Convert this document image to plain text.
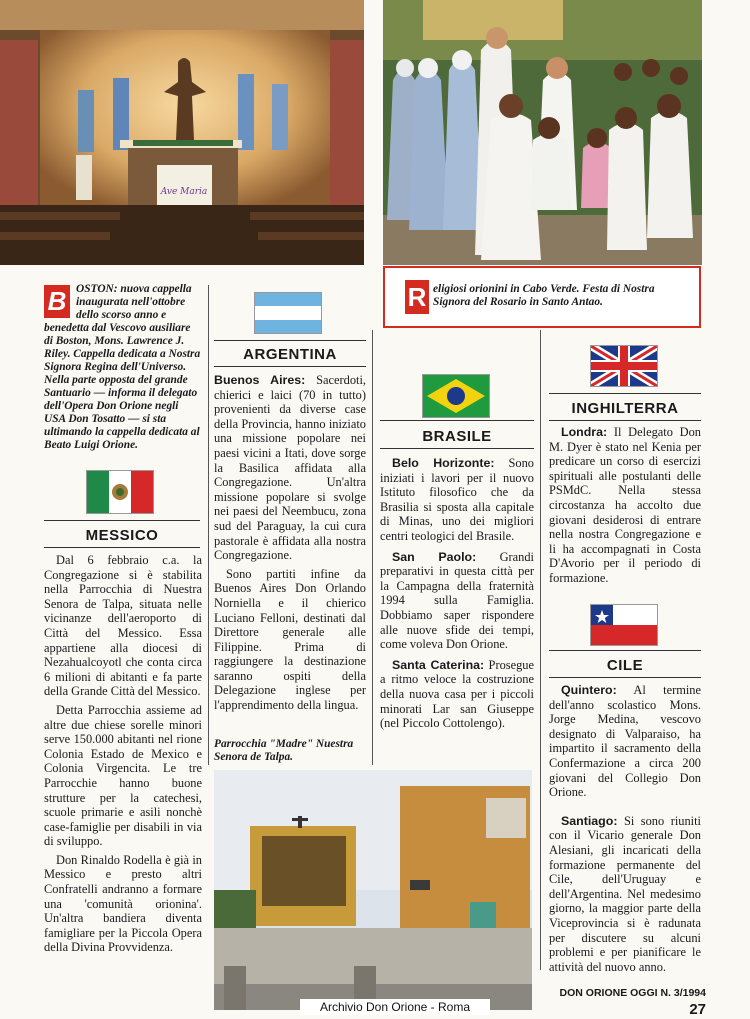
Ave Maria
B OSTON: nuova cappella inaugurata nell'ottobre dello scorso anno e benedetta dal Vescovo ausiliare di Boston, Mons. Lawrence J. Riley. Cappella dedicata a Nostra Signora Regina dell'Universo. Nella parte opposta del grande Santuario — informa il delegato dell'Opera Don Orione negli USA Don Tosatto — si sta ultimando la cappella dedicata al Beato Luigi Orione.
eligiosi orionini in Cabo Verde. Festa di Nostra Signora del Rosario in Santo Antao.
R
MESSICO

Dal 6 febbraio c.a. la Congregazione si è stabilita nella Parrocchia di Nuestra Senora de Talpa, situata nelle vicinanze dell'aeroporto di Città del Messico. Essa appartiene alla diocesi di Nezahualcoyotl che conta circa 6 milioni di abitanti e fa parte della Grande Città del Messico.

Detta Parrocchia assieme ad altre due chiese sorelle minori serve 150.000 abitanti nel rione Colonia Estado de Mexico e Colonia Virgencita. Le tre Parrocchie hanno buone strutture per la catechesi, scuole primarie e asili nonchè case-famiglie per disabili in via di sviluppo.

Don Rinaldo Rodella è già in Messico e presto altri Confratelli andranno a formare una 'comunità orionina'. Un'altra bandiera diventa famigliare per la Piccola Opera della Divina Provvidenza.

ARGENTINA

Buenos Aires: Sacerdoti, chierici e laici (70 in tutto) provenienti da diverse case della Provincia, hanno iniziato una missione popolare nei paesi vicini a Itati, dove sorge la Basilica affidata alla Congregazione. Un'altra missione popolare si svolge nei paesi del Neembucu, zona sud del Paraguay, la cui cura pastorale è affidata alla nostra Congregazione.

Sono partiti infine da Buenos Aires Don Orlando Norniella e il chierico Luciano Felloni, destinati dal Direttore generale alle Filippine. Prima di raggiungere la destinazione saranno ospiti della Delegazione inglese per l'apprendimento della lingua.

Parrocchia "Madre" Nuestra Senora de Talpa.
BRASILE

Belo Horizonte: Sono iniziati i lavori per il nuovo Istituto filosofico che da Brasilia si sposta alla capitale di Minas, uno dei migliori centri teologici del Brasile.

San Paolo: Grandi preparativi in questa città per la Campagna della fraternità 1994 sulla Famiglia. Dobbiamo saper rispondere alle nuove sfide dei tempi, come voleva Don Orione.

Santa Caterina: Prosegue a ritmo veloce la costruzione della nuova casa per i piccoli minorati Lar san Giuseppe (nel Piccolo Cottolengo).

INGHILTERRA

Londra: Il Delegato Don M. Dyer è stato nel Kenia per predicare un corso di esercizi spirituali alle postulanti delle PSMdC. Nella stessa circostanza ha accolto due giovani desiderosi di entrare nella nostra Congregazione e li ha accompagnati in Costa D'Avorio per il periodo di formazione.

CILE

Quintero: Al termine dell'anno scolastico Mons. Jorge Medina, vescovo designato di Valparaiso, ha impartito il sacramento della Confermazione a circa 200 giovani del Collegio Don Orione.

Santiago: Si sono riuniti con il Vicario generale Don Alesiani, gli incaricati della formazione permanente del Cile, dell'Uruguay e dell'Argentina. Nel medesimo giorno, la maggior parte della Viceprovincia si è radunata per discutere su alcuni problemi e per pianificare le attività del nuovo anno.

DON ORIONE OGGI N. 3/1994 27
Archivio Don Orione - Roma
